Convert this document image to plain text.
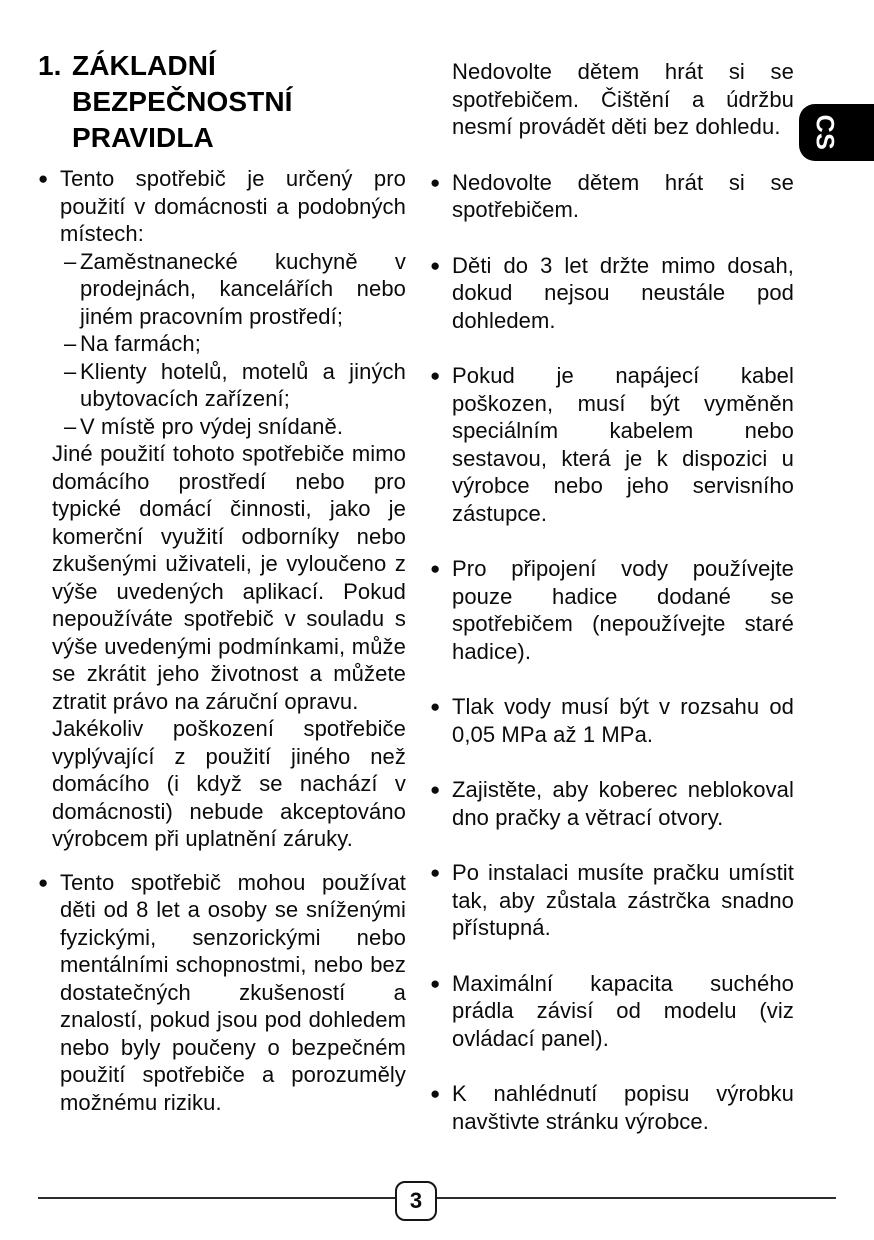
1. ZÁKLADNÍ BEZPEČNOSTNÍ PRAVIDLA
● Tento spotřebič je určený pro použití v domácnosti a podobných místech:
– Zaměstnanecké kuchyně v prodejnách, kancelářích nebo jiném pracovním prostředí;
– Na farmách;
– Klienty hotelů, motelů a jiných ubytovacích zařízení;
– V místě pro výdej snídaně.
Jiné použití tohoto spotřebiče mimo domácího prostředí nebo pro typické domácí činnosti, jako je komerční využití odborníky nebo zkušenými uživateli, je vyloučeno z výše uvedených aplikací. Pokud nepoužíváte spotřebič v souladu s výše uvedenými podmínkami, může se zkrátit jeho životnost a můžete ztratit právo na záruční opravu.
Jakékoliv poškození spotřebiče vyplývající z použití jiného než domácího (i když se nachází v domácnosti) nebude akceptováno výrobcem při uplatnění záruky.
● Tento spotřebič mohou používat děti od 8 let a osoby se sníženými fyzickými, senzorickými nebo mentálními schopnostmi, nebo bez dostatečných zkušeností a znalostí, pokud jsou pod dohledem nebo byly poučeny o bezpečném použití spotřebiče a porozuměly možnému riziku.
Nedovolte dětem hrát si se spotřebičem. Čištění a údržbu nesmí provádět děti bez dohledu.
● Nedovolte dětem hrát si se spotřebičem.
● Děti do 3 let držte mimo dosah, dokud nejsou neustále pod dohledem.
● Pokud je napájecí kabel poškozen, musí být vyměněn speciálním kabelem nebo sestavou, která je k dispozici u výrobce nebo jeho servisního zástupce.
● Pro připojení vody používejte pouze hadice dodané se spotřebičem (nepoužívejte staré hadice).
● Tlak vody musí být v rozsahu od 0,05 MPa až 1 MPa.
● Zajistěte, aby koberec neblokoval dno pračky a větrací otvory.
● Po instalaci musíte pračku umístit tak, aby zůstala zástrčka snadno přístupná.
● Maximální kapacita suchého prádla závisí od modelu (viz ovládací panel).
● K nahlédnutí popisu výrobku navštivte stránku výrobce.
CS
3
